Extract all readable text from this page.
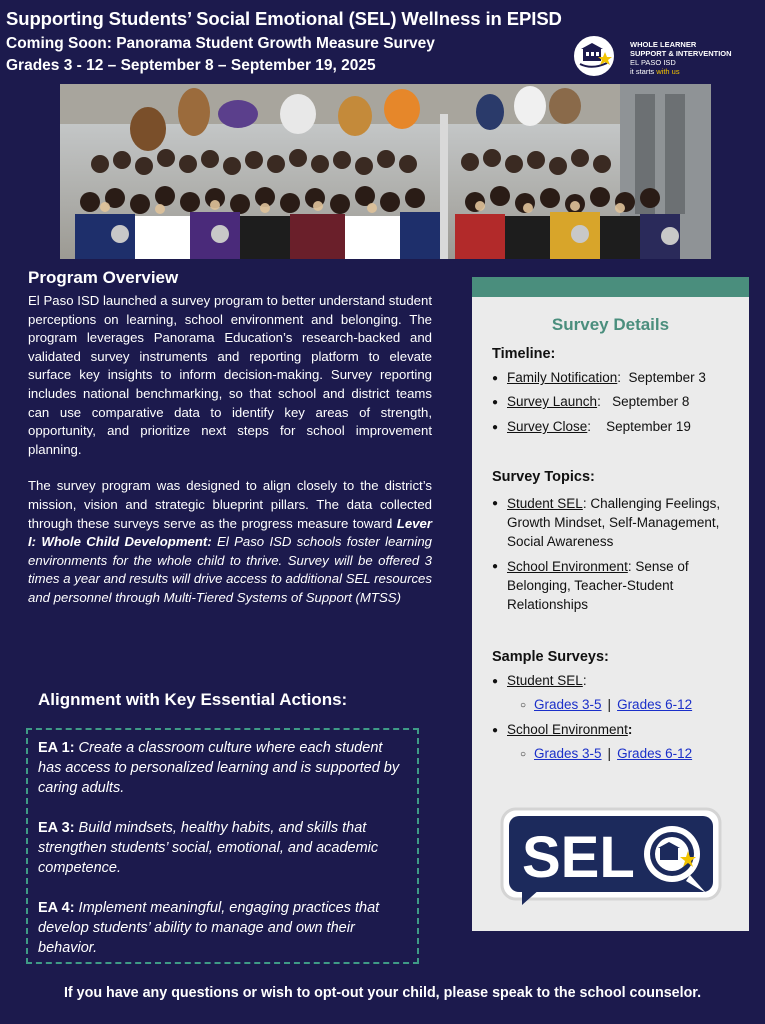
Supporting Students’ Social Emotional (SEL) Wellness in EPISD
Coming Soon: Panorama Student Growth Measure Survey
Grades 3 - 12 – September 8 – September 19, 2025
WHOLE LEARNER
SUPPORT & INTERVENTION
EL PASO ISD
it starts with us
Program Overview

El Paso ISD launched a survey program to better understand student perceptions on learning, school environment and belonging. The program leverages Panorama Education’s research-backed and validated survey instruments and reporting platform to elevate surface key insights to inform decision-making. Survey reporting includes national benchmarking, so that school and district teams can use comparative data to identify key areas of strength, opportunity, and prioritize next steps for school improvement planning.

The survey program was designed to align closely to the district’s mission, vision and strategic blueprint pillars. The data collected through these surveys serve as the progress measure toward Lever I: Whole Child Development: El Paso ISD schools foster learning environments for the whole child to thrive. Survey will be offered 3 times a year and results will drive access to additional SEL resources and personnel through Multi-Tiered Systems of Support (MTSS)

Alignment with Key Essential Actions:

EA 1: Create a classroom culture where each student has access to personalized learning and is supported by caring adults.

EA 3: Build mindsets, healthy habits, and skills that strengthen students’ social, emotional, and academic competence.

EA 4: Implement meaningful, engaging practices that develop students’ ability to manage and own their behavior.

Survey Details
Timeline:
● Family Notification:  September 3
● Survey Launch:   September 8
● Survey Close:    September 19
Survey Topics:
● Student SEL: Challenging Feelings, Growth Mindset, Self-Management, Social Awareness
● School Environment: Sense of Belonging, Teacher-Student Relationships
Sample Surveys:
● Student SEL:
○ Grades 3-5 | Grades 6-12
● School Environment:
○ Grades 3-5 | Grades 6-12
SEL
If you have any questions or wish to opt-out your child, please speak to the school counselor.
